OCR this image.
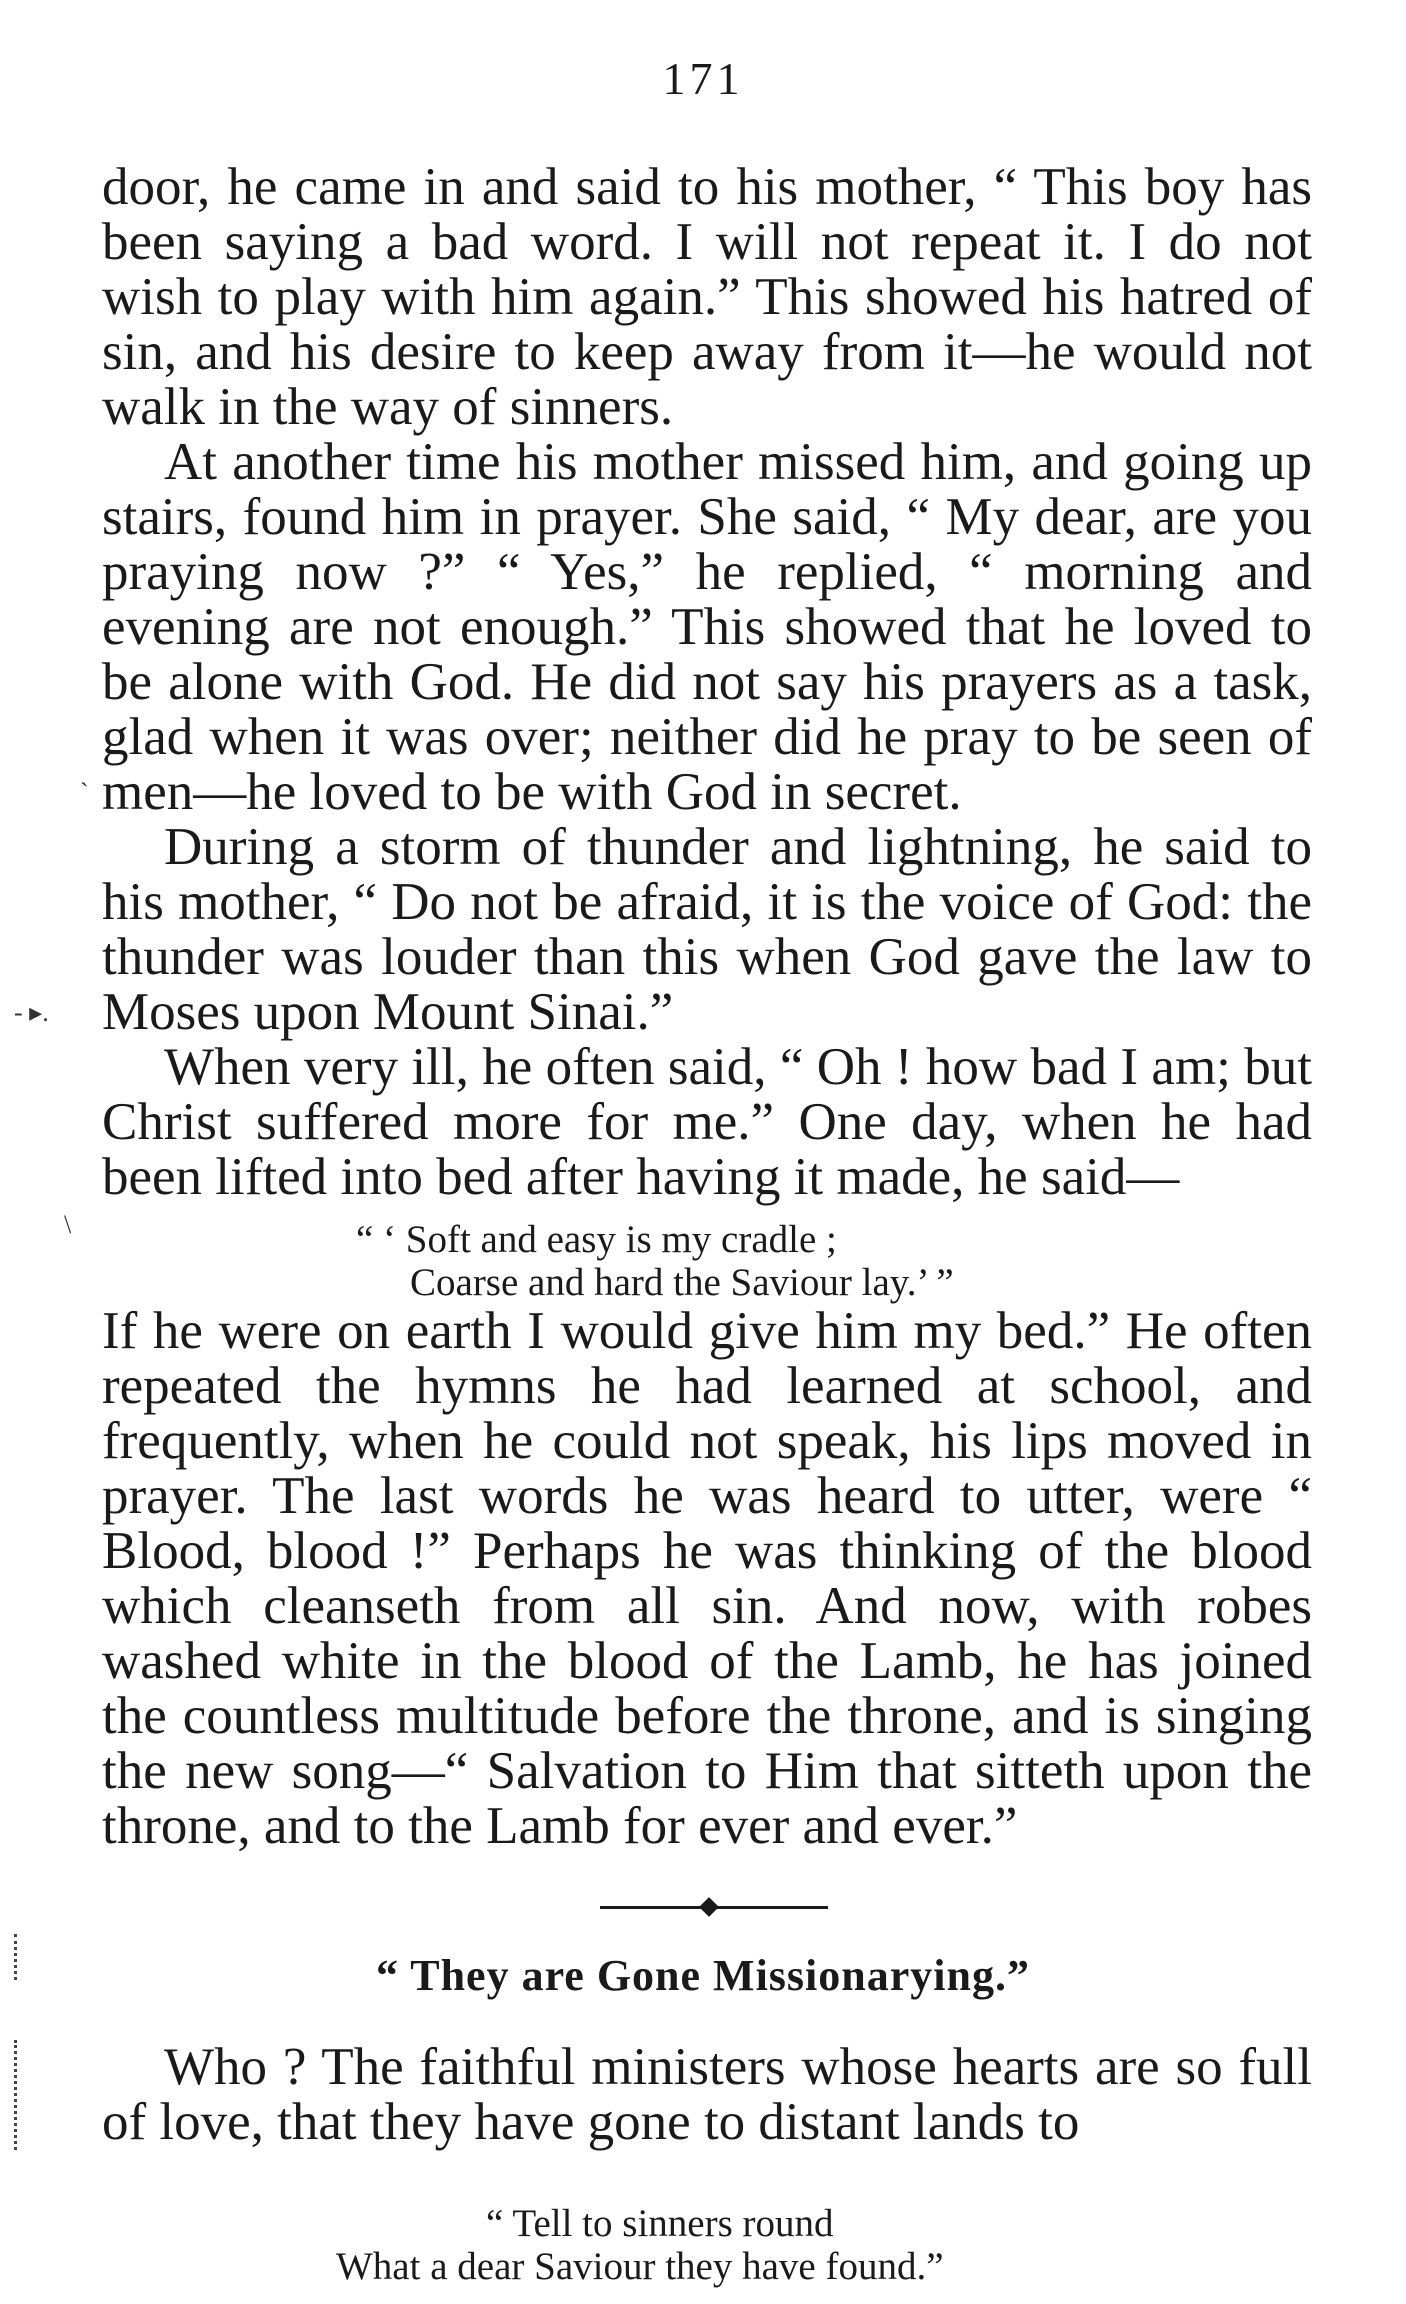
171

door, he came in and said to his mother, “ This boy has been saying a bad word. I will not repeat it. I do not wish to play with him again.” This showed his hatred of sin, and his desire to keep away from it—he would not walk in the way of sinners.

At another time his mother missed him, and going up stairs, found him in prayer. She said, “ My dear, are you praying now ?” “ Yes,” he replied, “ morning and evening are not enough.” This showed that he loved to be alone with God. He did not say his prayers as a task, glad when it was over; neither did he pray to be seen of men—he loved to be with God in secret.

During a storm of thunder and lightning, he said to his mother, “ Do not be afraid, it is the voice of God: the thunder was louder than this when God gave the law to Moses upon Mount Sinai.”

When very ill, he often said, “ Oh ! how bad I am; but Christ suffered more for me.” One day, when he had been lifted into bed after having it made, he said—

“ ‘ Soft and easy is my cradle ;
Coarse and hard the Saviour lay.’ ”

If he were on earth I would give him my bed.” He often repeated the hymns he had learned at school, and frequently, when he could not speak, his lips moved in prayer. The last words he was heard to utter, were “ Blood, blood !” Perhaps he was thinking of the blood which cleanseth from all sin. And now, with robes washed white in the blood of the Lamb, he has joined the countless multitude before the throne, and is singing the new song—“ Salvation to Him that sitteth upon the throne, and to the Lamb for ever and ever.”

“ They are Gone Missionarying.”

Who ? The faithful ministers whose hearts are so full of love, that they have gone to distant lands to

“ Tell to sinners round
What a dear Saviour they have found.”
ˋ
- ▸.
\
